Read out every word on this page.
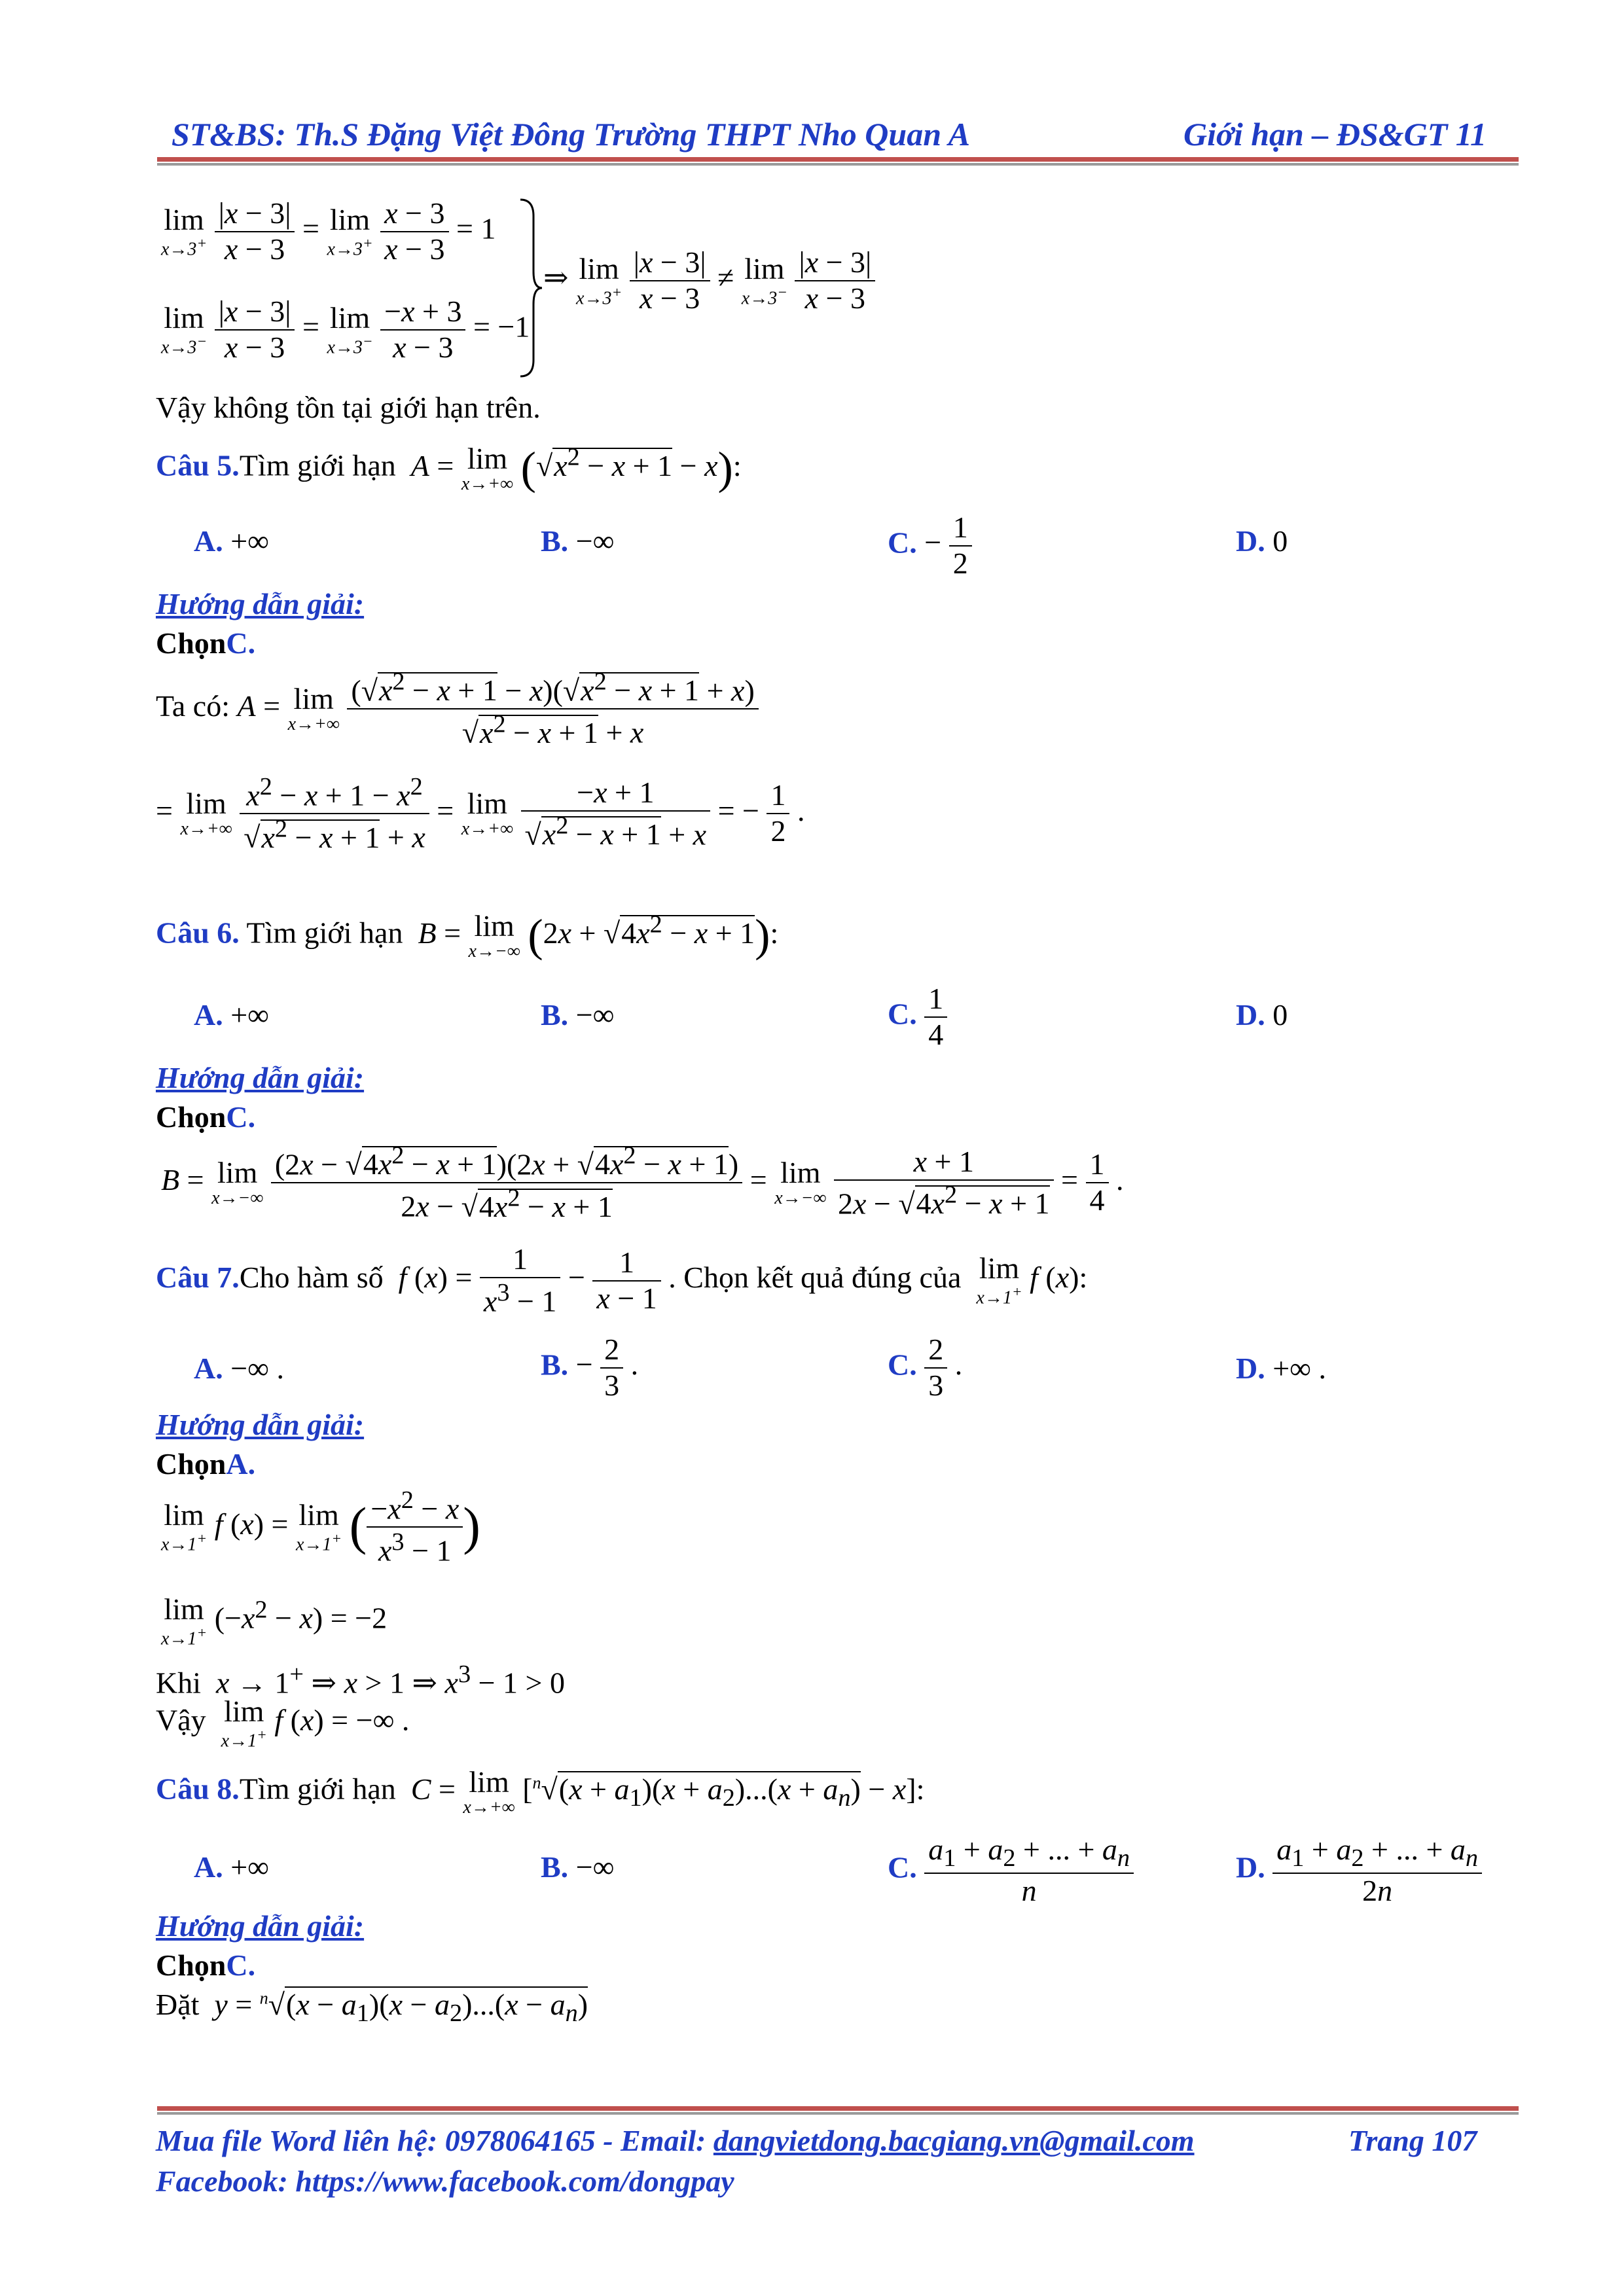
ST&BS: Th.S Đặng Việt Đông Trường THPT Nho Quan A	Giới hạn – ĐS&GT 11
lim
x→3+
$\frac{|x - 3|}{x - 3} = \lim$
x→3+
$\frac{x - 3}{x - 3} = 1$
lim
x→3−
$\frac{|x - 3|}{x - 3} = \lim$
x→3−
$\frac{-x + 3}{x - 3} = -1$
⇒ lim
x→3+
$\frac{|x - 3|}{x - 3} \ne \lim$
x→3−
$\frac{|x - 3|}{x - 3}$
Vậy không tồn tại giới hạn trên.
Câu 5.Tìm giới hạn A = lim
x→+∞ $(√x^2 - x + 1 - x)$:
A. +∞	B. −∞	C. − $\frac{1}{2}$	D. 0
Hướng dẫn giải:
ChọnC.
Ta có: A = lim
x→+∞
$\frac{(√x^2 - x + 1 - x)(√x^2 - x + 1 + x)}{√x^2 - x + 1 + x}$
= lim
x→+∞
$\frac{x^2 - x + 1 - x^2}{√x^2 - x + 1 + x} = \lim$
x→+∞
$\frac{-x + 1}{√x^2 - x + 1 + x}$ = − $\frac{1}{2}$ .
Câu 6. Tìm giới hạn B = lim
x→−∞ $(2x + √4x^2 - x + 1)$:
A. +∞	B. −∞	C. $\frac{1}{4}$	D. 0
Hướng dẫn giải:
ChọnC.
B = lim
x→−∞
$\frac{(2x - √4x^2 - x + 1)(2x + √4x^2 - x + 1)}{2x - √4x^2 - x + 1} = \lim$
x→−∞
$\frac{x + 1}{2x - √4x^2 - x + 1} = \frac{1}{4}$ .
Câu 7.Cho hàm số f $(x) = \frac{1}{x^3 - 1} - \frac{1}{x - 1}$ . Chọn kết quả đúng của lim
x→1+ f (x):
A. −∞ .	B. − $\frac{2}{3}$ .	C. $\frac{2}{3}$ .	D. +∞ .
Hướng dẫn giải:
ChọnA.
lim
x→1+ f (x) = lim
x→1+ ( $\frac{-x^2 - x}{x^3 - 1}$ )
lim
x→1+ $(-x^2 - x) = -2$
Khi x → 1+ ⇒ x > 1 ⇒ $x^3 - 1 > 0$
Vậy lim
x→1+ f (x) = −∞ .
Câu 8.Tìm giới hạn C = lim
x→+∞
$[^n√(x + a_1)(x + a_2)...(x + a_n) - x]$:
A. +∞	B. −∞	C. $\frac{a_1 + a_2 + ... + a_n}{n}$	D. $\frac{a_1 + a_2 + ... + a_n}{2n}$
Hướng dẫn giải:
ChọnC.
Đặt $y = ^n√(x - a_1)(x - a_2)...(x - a_n)$
Mua file Word liên hệ: 0978064165 - Email: dangvietdong.bacgiang.vn@gmail.com	Trang 107
Facebook: https://www.facebook.com/dongpay
